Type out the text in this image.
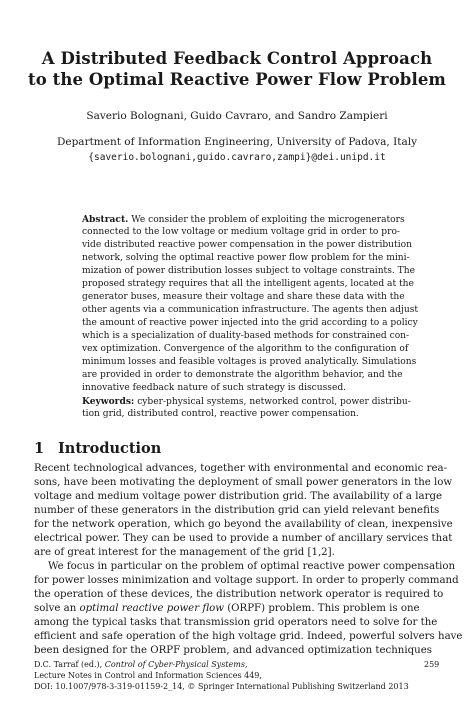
A Distributed Feedback Control Approach
to the Optimal Reactive Power Flow Problem
Saverio Bolognani, Guido Cavraro, and Sandro Zampieri
Department of Information Engineering, University of Padova, Italy
{saverio.bolognani,guido.cavraro,zampi}@dei.unipd.it
Abstract. We consider the problem of exploiting the microgenerators
connected to the low voltage or medium voltage grid in order to pro-
vide distributed reactive power compensation in the power distribution
network, solving the optimal reactive power flow problem for the mini-
mization of power distribution losses subject to voltage constraints. The
proposed strategy requires that all the intelligent agents, located at the
generator buses, measure their voltage and share these data with the
other agents via a communication infrastructure. The agents then adjust
the amount of reactive power injected into the grid according to a policy
which is a specialization of duality-based methods for constrained con-
vex optimization. Convergence of the algorithm to the configuration of
minimum losses and feasible voltages is proved analytically. Simulations
are provided in order to demonstrate the algorithm behavior, and the
innovative feedback nature of such strategy is discussed.
Keywords: cyber-physical systems, networked control, power distribu-
tion grid, distributed control, reactive power compensation.
1 Introduction
Recent technological advances, together with environmental and economic rea-
sons, have been motivating the deployment of small power generators in the low
voltage and medium voltage power distribution grid. The availability of a large
number of these generators in the distribution grid can yield relevant benefits
for the network operation, which go beyond the availability of clean, inexpensive
electrical power. They can be used to provide a number of ancillary services that
are of great interest for the management of the grid [1,2].
We focus in particular on the problem of optimal reactive power compensation
for power losses minimization and voltage support. In order to properly command
the operation of these devices, the distribution network operator is required to
solve an optimal reactive power flow (ORPF) problem. This problem is one
among the typical tasks that transmission grid operators need to solve for the
efficient and safe operation of the high voltage grid. Indeed, powerful solvers have
been designed for the ORPF problem, and advanced optimization techniques
D.C. Tarraf (ed.), Control of Cyber-Physical Systems,	259
Lecture Notes in Control and Information Sciences 449,
DOI: 10.1007/978-3-319-01159-2_14, © Springer International Publishing Switzerland 2013
